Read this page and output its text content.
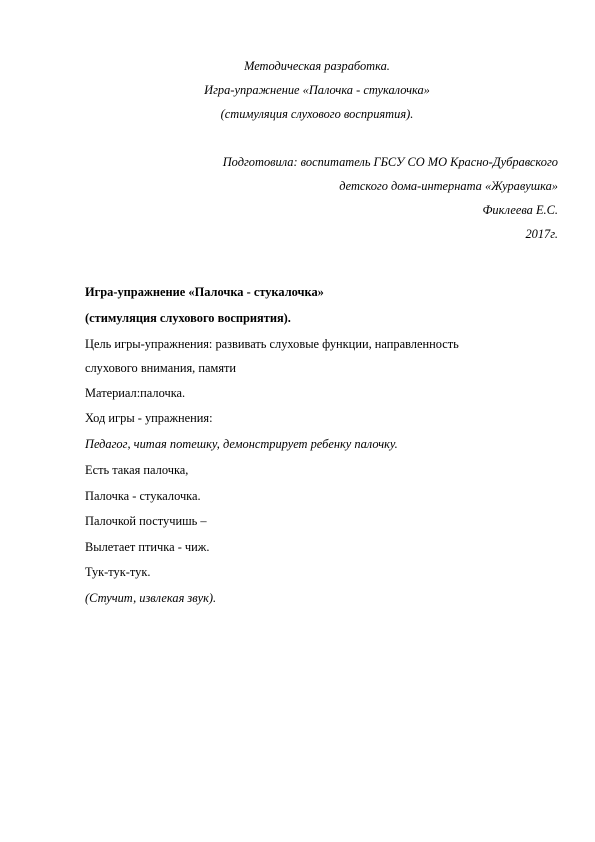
Методическая разработка.
Игра-упражнение «Палочка - стукалочка»
(стимуляция слухового восприятия).
Подготовила: воспитатель ГБСУ СО МО Красно-Дубравского
детского дома-интерната «Журавушка»
Фиклеева Е.С.
2017г.
Игра-упражнение «Палочка - стукалочка»
(стимуляция слухового восприятия).
Цель игры-упражнения: развивать слуховые функции, направленность
слухового внимания, памяти
Материал:палочка.
Ход игры - упражнения:
Педагог, читая потешку, демонстрирует ребенку палочку.
Есть такая палочка,
Палочка - стукалочка.
Палочкой постучишь –
Вылетает птичка - чиж.
Тук-тук-тук.
(Стучит, извлекая звук).
